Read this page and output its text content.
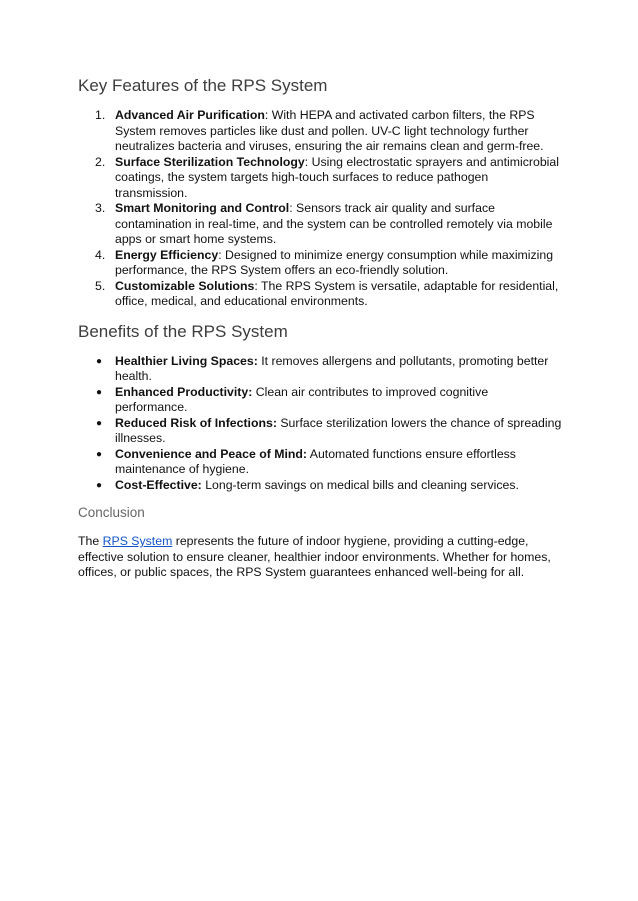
Key Features of the RPS System
1. Advanced Air Purification: With HEPA and activated carbon filters, the RPS System removes particles like dust and pollen. UV-C light technology further neutralizes bacteria and viruses, ensuring the air remains clean and germ-free.
2. Surface Sterilization Technology: Using electrostatic sprayers and antimicrobial coatings, the system targets high-touch surfaces to reduce pathogen transmission.
3. Smart Monitoring and Control: Sensors track air quality and surface contamination in real-time, and the system can be controlled remotely via mobile apps or smart home systems.
4. Energy Efficiency: Designed to minimize energy consumption while maximizing performance, the RPS System offers an eco-friendly solution.
5. Customizable Solutions: The RPS System is versatile, adaptable for residential, office, medical, and educational environments.
Benefits of the RPS System
● Healthier Living Spaces: It removes allergens and pollutants, promoting better health.
● Enhanced Productivity: Clean air contributes to improved cognitive performance.
● Reduced Risk of Infections: Surface sterilization lowers the chance of spreading illnesses.
● Convenience and Peace of Mind: Automated functions ensure effortless maintenance of hygiene.
● Cost-Effective: Long-term savings on medical bills and cleaning services.
Conclusion

The RPS System represents the future of indoor hygiene, providing a cutting-edge, effective solution to ensure cleaner, healthier indoor environments. Whether for homes, offices, or public spaces, the RPS System guarantees enhanced well-being for all.
